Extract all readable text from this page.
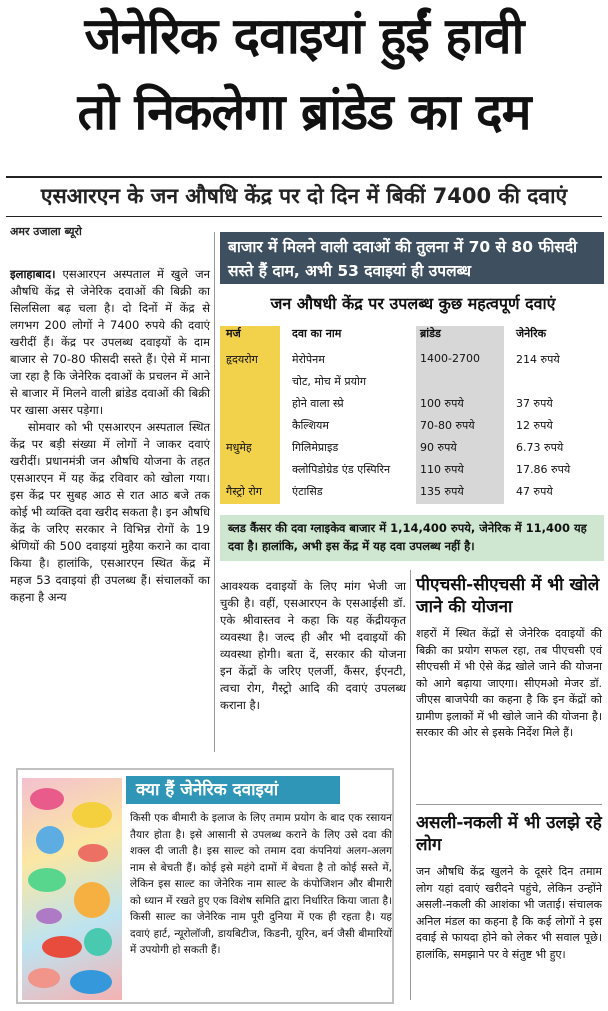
जेनेरिक दवाइयां हुईं हावी
तो निकलेगा ब्रांडेड का दम
एसआरएन के जन औषधि केंद्र पर दो दिन में बिकीं 7400 की दवाएं
अमर उजाला ब्यूरो

इलाहाबाद। एसआरएन अस्पताल में खुले जन औषधि केंद्र से जेनेरिक दवाओं की बिक्री का सिलसिला बढ़ चला है। दो दिनों में केंद्र से लगभग 200 लोगों ने 7400 रुपये की दवाएं खरीदीं हैं। केंद्र पर उपलब्ध दवाइयों के दाम बाजार से 70-80 फीसदी सस्ते हैं। ऐसे में माना जा रहा है कि जेनेरिक दवाओं के प्रचलन में आने से बाजार में मिलने वाली ब्रांडेड दवाओं की बिक्री पर खासा असर पड़ेगा।

सोमवार को भी एसआरएन अस्पताल स्थित केंद्र पर बड़ी संख्या में लोगों ने जाकर दवाएं खरीदीं। प्रधानमंत्री जन औषधि योजना के तहत एसआरएन में यह केंद्र रविवार को खोला गया। इस केंद्र पर सुबह आठ से रात आठ बजे तक कोई भी व्यक्ति दवा खरीद सकता है। इन औषधि केंद्र के जरिए सरकार ने विभिन्न रोगों के 19 श्रेणियों की 500 दवाइयां मुहैया कराने का दावा किया है। हालांकि, एसआरएन स्थित केंद्र में महज 53 दवाइयां ही उपलब्ध हैं। संचालकों का कहना है अन्य

बाजार में मिलने वाली दवाओं की तुलना में 70 से 80 फीसदी सस्ते हैं दाम, अभी 53 दवाइयां ही उपलब्ध
जन औषधी केंद्र पर उपलब्ध कुछ महत्वपूर्ण दवाएं
मर्ज	दवा का नाम	ब्रांडेड	जेनेरिक
हृदयरोग	मेरोपेनम	1400-2700	214 रुपये
चोट, मोच में प्रयोग
होने वाला स्प्रे	100 रुपये	37 रुपये
कैल्शियम	70-80 रुपये	12 रुपये
मधुमेह	गिलिमेप्राइड	90 रुपये	6.73 रुपये
क्लोपिडोग्रेड एंड एस्पिरिन	110 रुपये	17.86 रुपये
गैस्ट्रो रोग	एंटासिड	135 रुपये	47 रुपये
ब्लड कैंसर की दवा ग्लाइकेव बाजार में 1,14,400 रुपये, जेनेरिक में 11,400 यह दवा है। हालांकि, अभी इस केंद्र में यह दवा उपलब्ध नहीं है।

आवश्यक दवाइयों के लिए मांग भेजी जा चुकी है। वहीं, एसआरएन के एसआईसी डॉ. एके श्रीवास्तव ने कहा कि यह केंद्रीयकृत व्यवस्था है। जल्द ही और भी दवाइयों की व्यवस्था होगी। बता दें, सरकार की योजना इन केंद्रों के जरिए एलर्जी, कैंसर, ईएनटी, त्वचा रोग, गैस्ट्रो आदि की दवाएं उपलब्ध कराना है।

पीएचसी-सीएचसी में भी खोले जाने की योजना
शहरों में स्थित केंद्रों से जेनेरिक दवाइयों की बिक्री का प्रयोग सफल रहा, तब पीएचसी एवं सीएचसी में भी ऐसे केंद्र खोले जाने की योजना को आगे बढ़ाया जाएगा। सीएमओ मेजर डॉ. जीएस बाजपेयी का कहना है कि इन केंद्रों को ग्रामीण इलाकों में भी खोले जाने की योजना है। सरकार की ओर से इसके निर्देश मिले हैं।
असली-नकली में भी उलझे रहे लोग
जन औषधि केंद्र खुलने के दूसरे दिन तमाम लोग यहां दवाएं खरीदने पहुंचे, लेकिन उन्होंने असली-नकली की आशंका भी जताई। संचालक अनिल मंडल का कहना है कि कई लोगों ने इस दवाई से फायदा होने को लेकर भी सवाल पूछे। हालांकि, समझाने पर वे संतुष्ट भी हुए।
क्या हैं जेनेरिक दवाइयां
किसी एक बीमारी के इलाज के लिए तमाम प्रयोग के बाद एक रसायन तैयार होता है। इसे आसानी से उपलब्ध कराने के लिए उसे दवा की शक्ल दी जाती है। इस साल्ट को तमाम दवा कंपनियां अलग-अलग नाम से बेचती हैं। कोई इसे महंगे दामों में बेचता है तो कोई सस्ते में, लेकिन इस साल्ट का जेनेरिक नाम साल्ट के कंपोजिशन और बीमारी को ध्यान में रखते हुए एक विशेष समिति द्वारा निर्धारित किया जाता है। किसी साल्ट का जेनेरिक नाम पूरी दुनिया में एक ही रहता है। यह दवाएं हार्ट, न्यूरोलॉजी, डायबिटीज, किडनी, यूरिन, बर्न जैसी बीमारियों में उपयोगी हो सकती हैं।
